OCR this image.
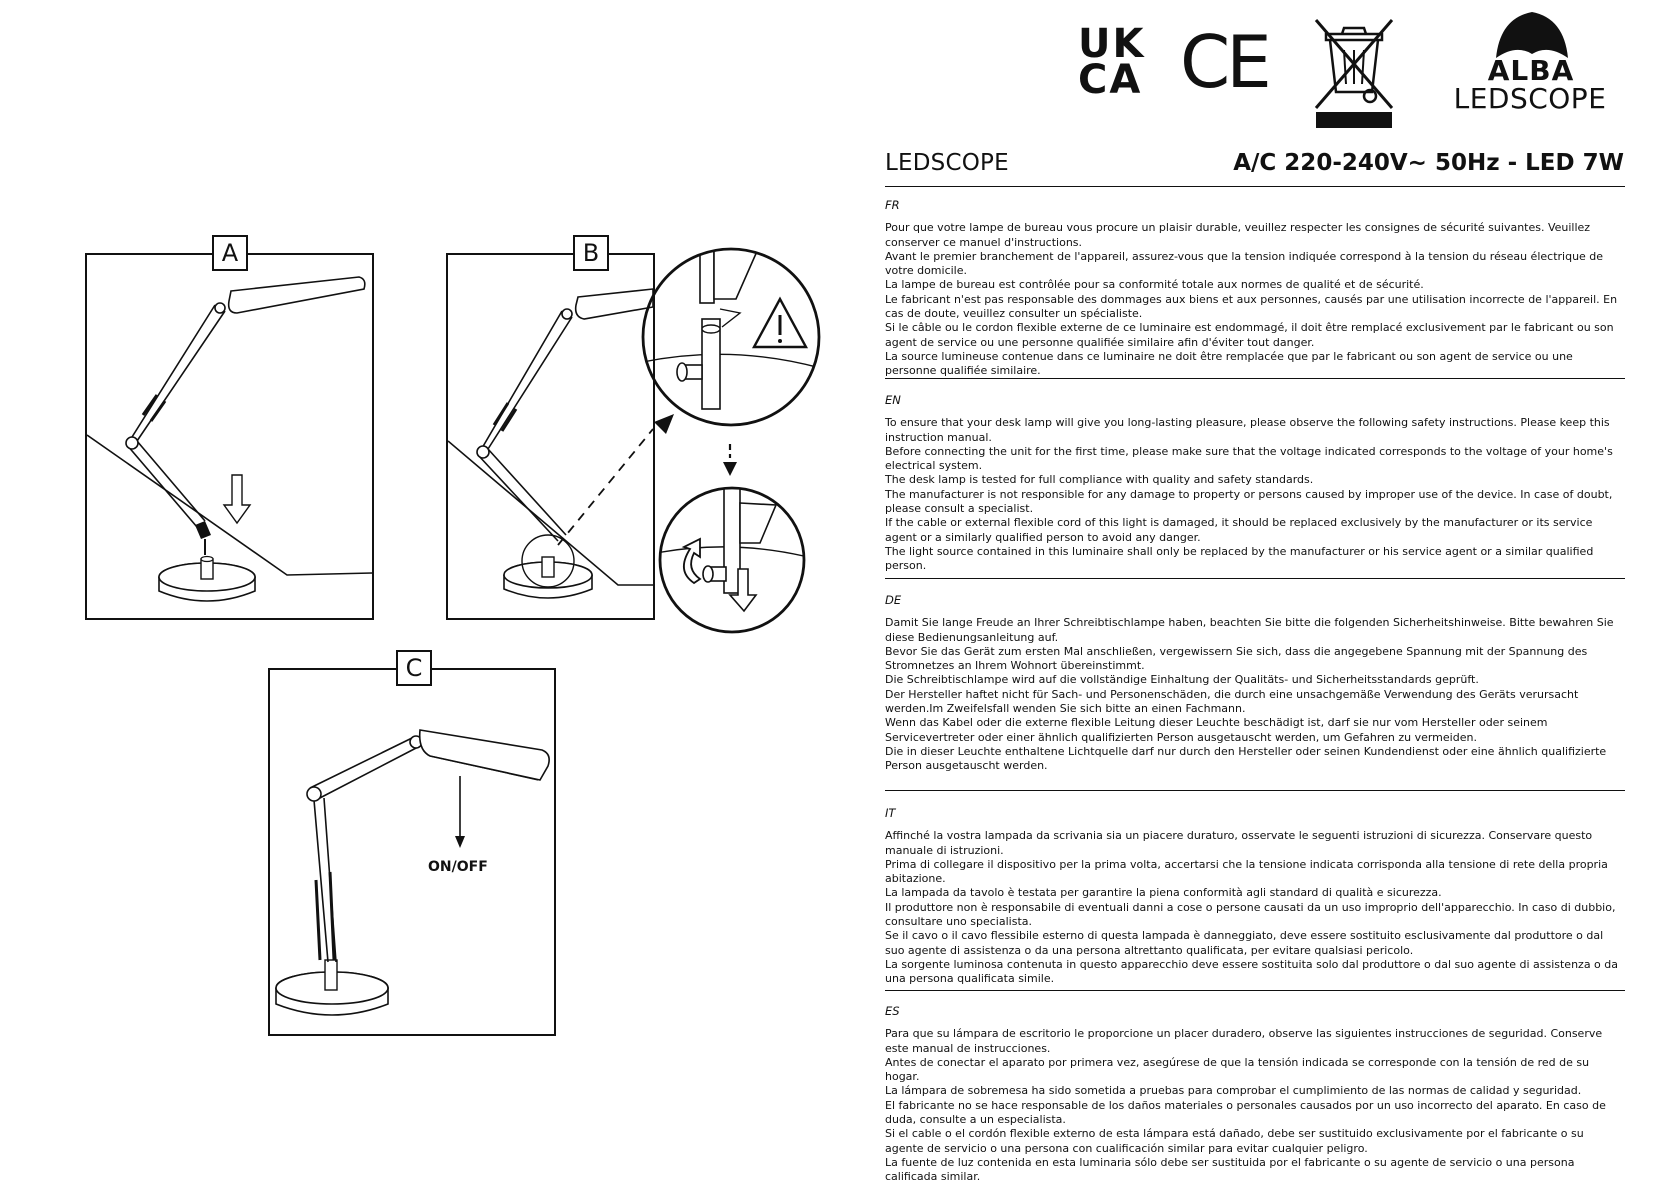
UK
CA CE	ALBA
LEDSCOPE
LEDSCOPE	A/C 220-240V~ 50Hz - LED 7W
FR

Pour que votre lampe de bureau vous procure un plaisir durable, veuillez respecter les consignes de sécurité suivantes. Veuillez conserver ce manuel d'instructions.

Avant le premier branchement de l'appareil, assurez-vous que la tension indiquée correspond à la tension du réseau électrique de votre domicile.

La lampe de bureau est contrôlée pour sa conformité totale aux normes de qualité et de sécurité.

Le fabricant n'est pas responsable des dommages aux biens et aux personnes, causés par une utilisation incorrecte de l'appareil. En cas de doute, veuillez consulter un spécialiste.

Si le câble ou le cordon flexible externe de ce luminaire est endommagé, il doit être remplacé exclusivement par le fabricant ou son agent de service ou une personne qualifiée similaire afin d'éviter tout danger.

La source lumineuse contenue dans ce luminaire ne doit être remplacée que par le fabricant ou son agent de service ou une personne qualifiée similaire.

EN

To ensure that your desk lamp will give you long-lasting pleasure, please observe the following safety instructions. Please keep this instruction manual.

Before connecting the unit for the first time, please make sure that the voltage indicated corresponds to the voltage of your home's electrical system.

The desk lamp is tested for full compliance with quality and safety standards.

The manufacturer is not responsible for any damage to property or persons caused by improper use of the device. In case of doubt, please consult a specialist.

If the cable or external flexible cord of this light is damaged, it should be replaced exclusively by the manufacturer or its service agent or a similarly qualified person to avoid any danger.

The light source contained in this luminaire shall only be replaced by the manufacturer or his service agent or a similar qualified person.

DE

Damit Sie lange Freude an Ihrer Schreibtischlampe haben, beachten Sie bitte die folgenden Sicherheitshinweise. Bitte bewahren Sie diese Bedienungsanleitung auf.

Bevor Sie das Gerät zum ersten Mal anschließen, vergewissern Sie sich, dass die angegebene Spannung mit der Spannung des Stromnetzes an Ihrem Wohnort übereinstimmt.

Die Schreibtischlampe wird auf die vollständige Einhaltung der Qualitäts- und Sicherheitsstandards geprüft.

Der Hersteller haftet nicht für Sach- und Personenschäden, die durch eine unsachgemäße Verwendung des Geräts verursacht werden.Im Zweifelsfall wenden Sie sich bitte an einen Fachmann.

Wenn das Kabel oder die externe flexible Leitung dieser Leuchte beschädigt ist, darf sie nur vom Hersteller oder seinem Servicevertreter oder einer ähnlich qualifizierten Person ausgetauscht werden, um Gefahren zu vermeiden.

Die in dieser Leuchte enthaltene Lichtquelle darf nur durch den Hersteller oder seinen Kundendienst oder eine ähnlich qualifizierte Person ausgetauscht werden.

IT

Affinché la vostra lampada da scrivania sia un piacere duraturo, osservate le seguenti istruzioni di sicurezza. Conservare questo manuale di istruzioni.

Prima di collegare il dispositivo per la prima volta, accertarsi che la tensione indicata corrisponda alla tensione di rete della propria abitazione.

La lampada da tavolo è testata per garantire la piena conformità agli standard di qualità e sicurezza.

Il produttore non è responsabile di eventuali danni a cose o persone causati da un uso improprio dell'apparecchio. In caso di dubbio, consultare uno specialista.

Se il cavo o il cavo flessibile esterno di questa lampada è danneggiato, deve essere sostituito esclusivamente dal produttore o dal suo agente di assistenza o da una persona altrettanto qualificata, per evitare qualsiasi pericolo.

La sorgente luminosa contenuta in questo apparecchio deve essere sostituita solo dal produttore o dal suo agente di assistenza o da una persona qualificata simile.

ES

Para que su lámpara de escritorio le proporcione un placer duradero, observe las siguientes instrucciones de seguridad. Conserve este manual de instrucciones.

Antes de conectar el aparato por primera vez, asegúrese de que la tensión indicada se corresponde con la tensión de red de su hogar.

La lámpara de sobremesa ha sido sometida a pruebas para comprobar el cumplimiento de las normas de calidad y seguridad.

El fabricante no se hace responsable de los daños materiales o personales causados por un uso incorrecto del aparato. En caso de duda, consulte a un especialista.

Si el cable o el cordón flexible externo de esta lámpara está dañado, debe ser sustituido exclusivamente por el fabricante o su agente de servicio o una persona con cualificación similar para evitar cualquier peligro.

La fuente de luz contenida en esta luminaria sólo debe ser sustituida por el fabricante o su agente de servicio o una persona calificada similar.

A	B
C
ON/OFF
